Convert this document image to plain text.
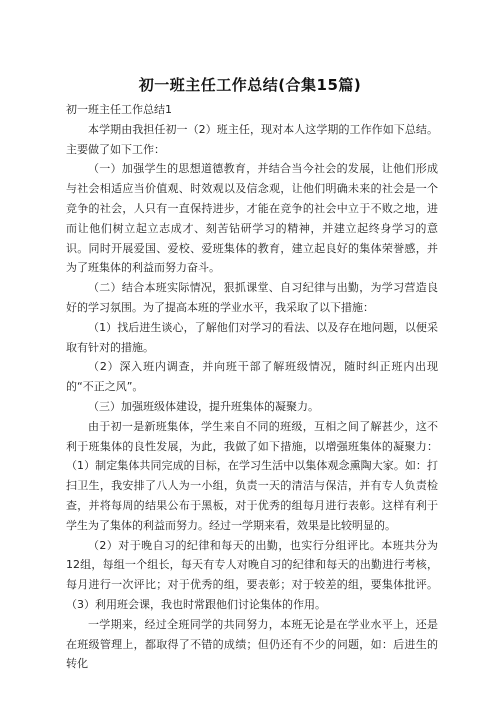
初一班主任工作总结(合集15篇)

初一班主任工作总结1

本学期由我担任初一（2）班主任，现对本人这学期的工作作如下总结。主要做了如下工作：

（一）加强学生的思想道德教育，并结合当今社会的发展，让他们形成与社会相适应当价值观、时效观以及信念观，让他们明确未来的社会是一个竞争的社会，人只有一直保持进步，才能在竞争的社会中立于不败之地，进而让他们树立起立志成才、刻苦钻研学习的精神，并建立起终身学习的意识。同时开展爱国、爱校、爱班集体的教育，建立起良好的集体荣誉感，并为了班集体的利益而努力奋斗。

（二）结合本班实际情况，狠抓课堂、自习纪律与出勤，为学习营造良好的学习氛围。为了提高本班的学业水平，我采取了以下措施：

（1）找后进生谈心，了解他们对学习的看法、以及存在地问题，以便采取有针对的措施。

（2）深入班内调查，并向班干部了解班级情况，随时纠正班内出现的“不正之风”。

（三）加强班级体建设，提升班集体的凝聚力。

由于初一是新班集体，学生来自不同的班级，互相之间了解甚少，这不利于班集体的良性发展，为此，我做了如下措施，以增强班集体的凝聚力：（1）制定集体共同完成的目标，在学习生活中以集体观念熏陶大家。如：打扫卫生，我安排了八人为一小组，负责一天的清洁与保洁，并有专人负责检查，并将每周的结果公布于黑板，对于优秀的组每月进行表彰。这样有利于学生为了集体的利益而努力。经过一学期来看，效果是比较明显的。

（2）对于晚自习的纪律和每天的出勤，也实行分组评比。本班共分为12组，每组一个组长，每天有专人对晚自习的纪律和每天的出勤进行考核，每月进行一次评比；对于优秀的组，要表彰；对于较差的组，要集体批评。（3）利用班会课，我也时常跟他们讨论集体的作用。

一学期来，经过全班同学的共同努力，本班无论是在学业水平上，还是在班级管理上，都取得了不错的成绩；但仍还有不少的问题，如：后进生的转化
